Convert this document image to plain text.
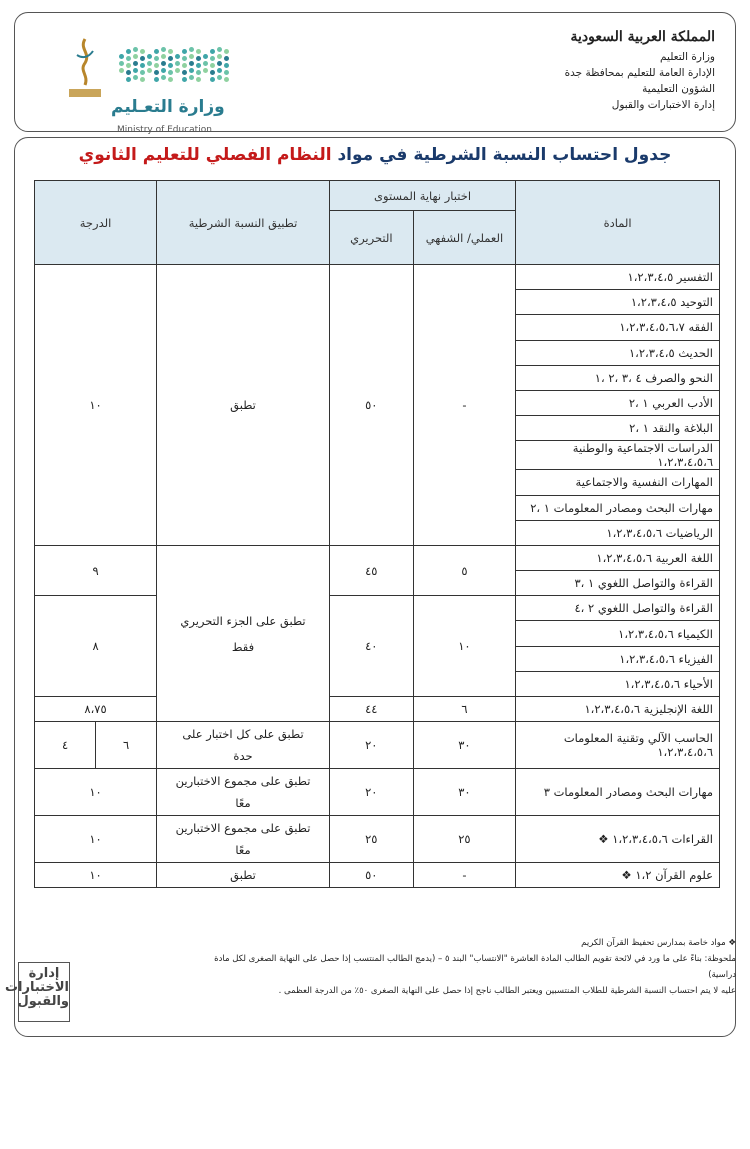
وزارة التعـليم
Ministry of Education
المملكة العربية السعودية
وزارة التعليم
الإدارة العامة للتعليم بمحافظة جدة
الشؤون التعليمية
إدارة الاختبارات والقبول
جدول احتساب النسبة الشرطية في مواد النظام الفصلي للتعليم الثانوي
المادة	اختبار نهاية المستوى		تطبيق النسبة الشرطية	الدرجة	
	العملي/ الشفهي	التحريري			
التفسير ١،٢،٣،٤،٥	-	٥٠	تطبق	١٠	
التوحيد ١،٢،٣،٤،٥					
الفقه ١،٢،٣،٤،٥،٦،٧					
الحديث ١،٢،٣،٤،٥					
النحو والصرف ٤ ،٣ ،٢ ،١					
الأدب العربي ١ ،٢					
البلاغة والنقد ١ ،٢					
الدراسات الاجتماعية والوطنية ١،٢،٣،٤،٥،٦					
المهارات النفسية والاجتماعية					
مهارات البحث ومصادر المعلومات ١ ،٢					
الرياضيات ١،٢،٣،٤،٥،٦					
اللغة العربية ١،٢،٣،٤،٥،٦	٥	٤٥	تطبق على الجزء التحريري فقط	٩	
القراءة والتواصل اللغوي ١ ،٣					
القراءة والتواصل اللغوي ٢ ،٤	١٠	٤٠		٨	
الكيمياء ١،٢،٣،٤،٥،٦					
الفيزياء ١،٢،٣،٤،٥،٦					
الأحياء ١،٢،٣،٤،٥،٦					
اللغة الإنجليزية ١،٢،٣،٤،٥،٦	٦	٤٤		٨،٧٥	
الحاسب الآلي وتقنية المعلومات ١،٢،٣،٤،٥،٦	٣٠	٢٠	تطبق على كل اختبار على حدة	٦	٤
مهارات البحث ومصادر المعلومات ٣	٣٠	٢٠	تطبق على مجموع الاختبارين معًا	١٠	
القراءات ١،٢،٣،٤،٥،٦ ❖	٢٥	٢٥	تطبق على مجموع الاختبارين معًا	١٠	
علوم القرآن ١،٢ ❖	-	٥٠	تطبق	١٠	
❖ مواد خاصة بمدارس تحفيظ القرآن الكريم
ملحوظة: بناءً على ما ورد في لائحة تقويم الطالب المادة العاشرة "الانتساب" البند ٥ – (يدمج الطالب المنتسب إذا حصل على النهاية الصغرى لكل مادة
دراسية)
عليه لا يتم احتساب النسبة الشرطية للطلاب المنتسبين ويعتبر الطالب ناجح إذا حصل على النهاية الصغرى ٥٠٪ من الدرجة العظمى .
إدارة الاختبارات والقبول
